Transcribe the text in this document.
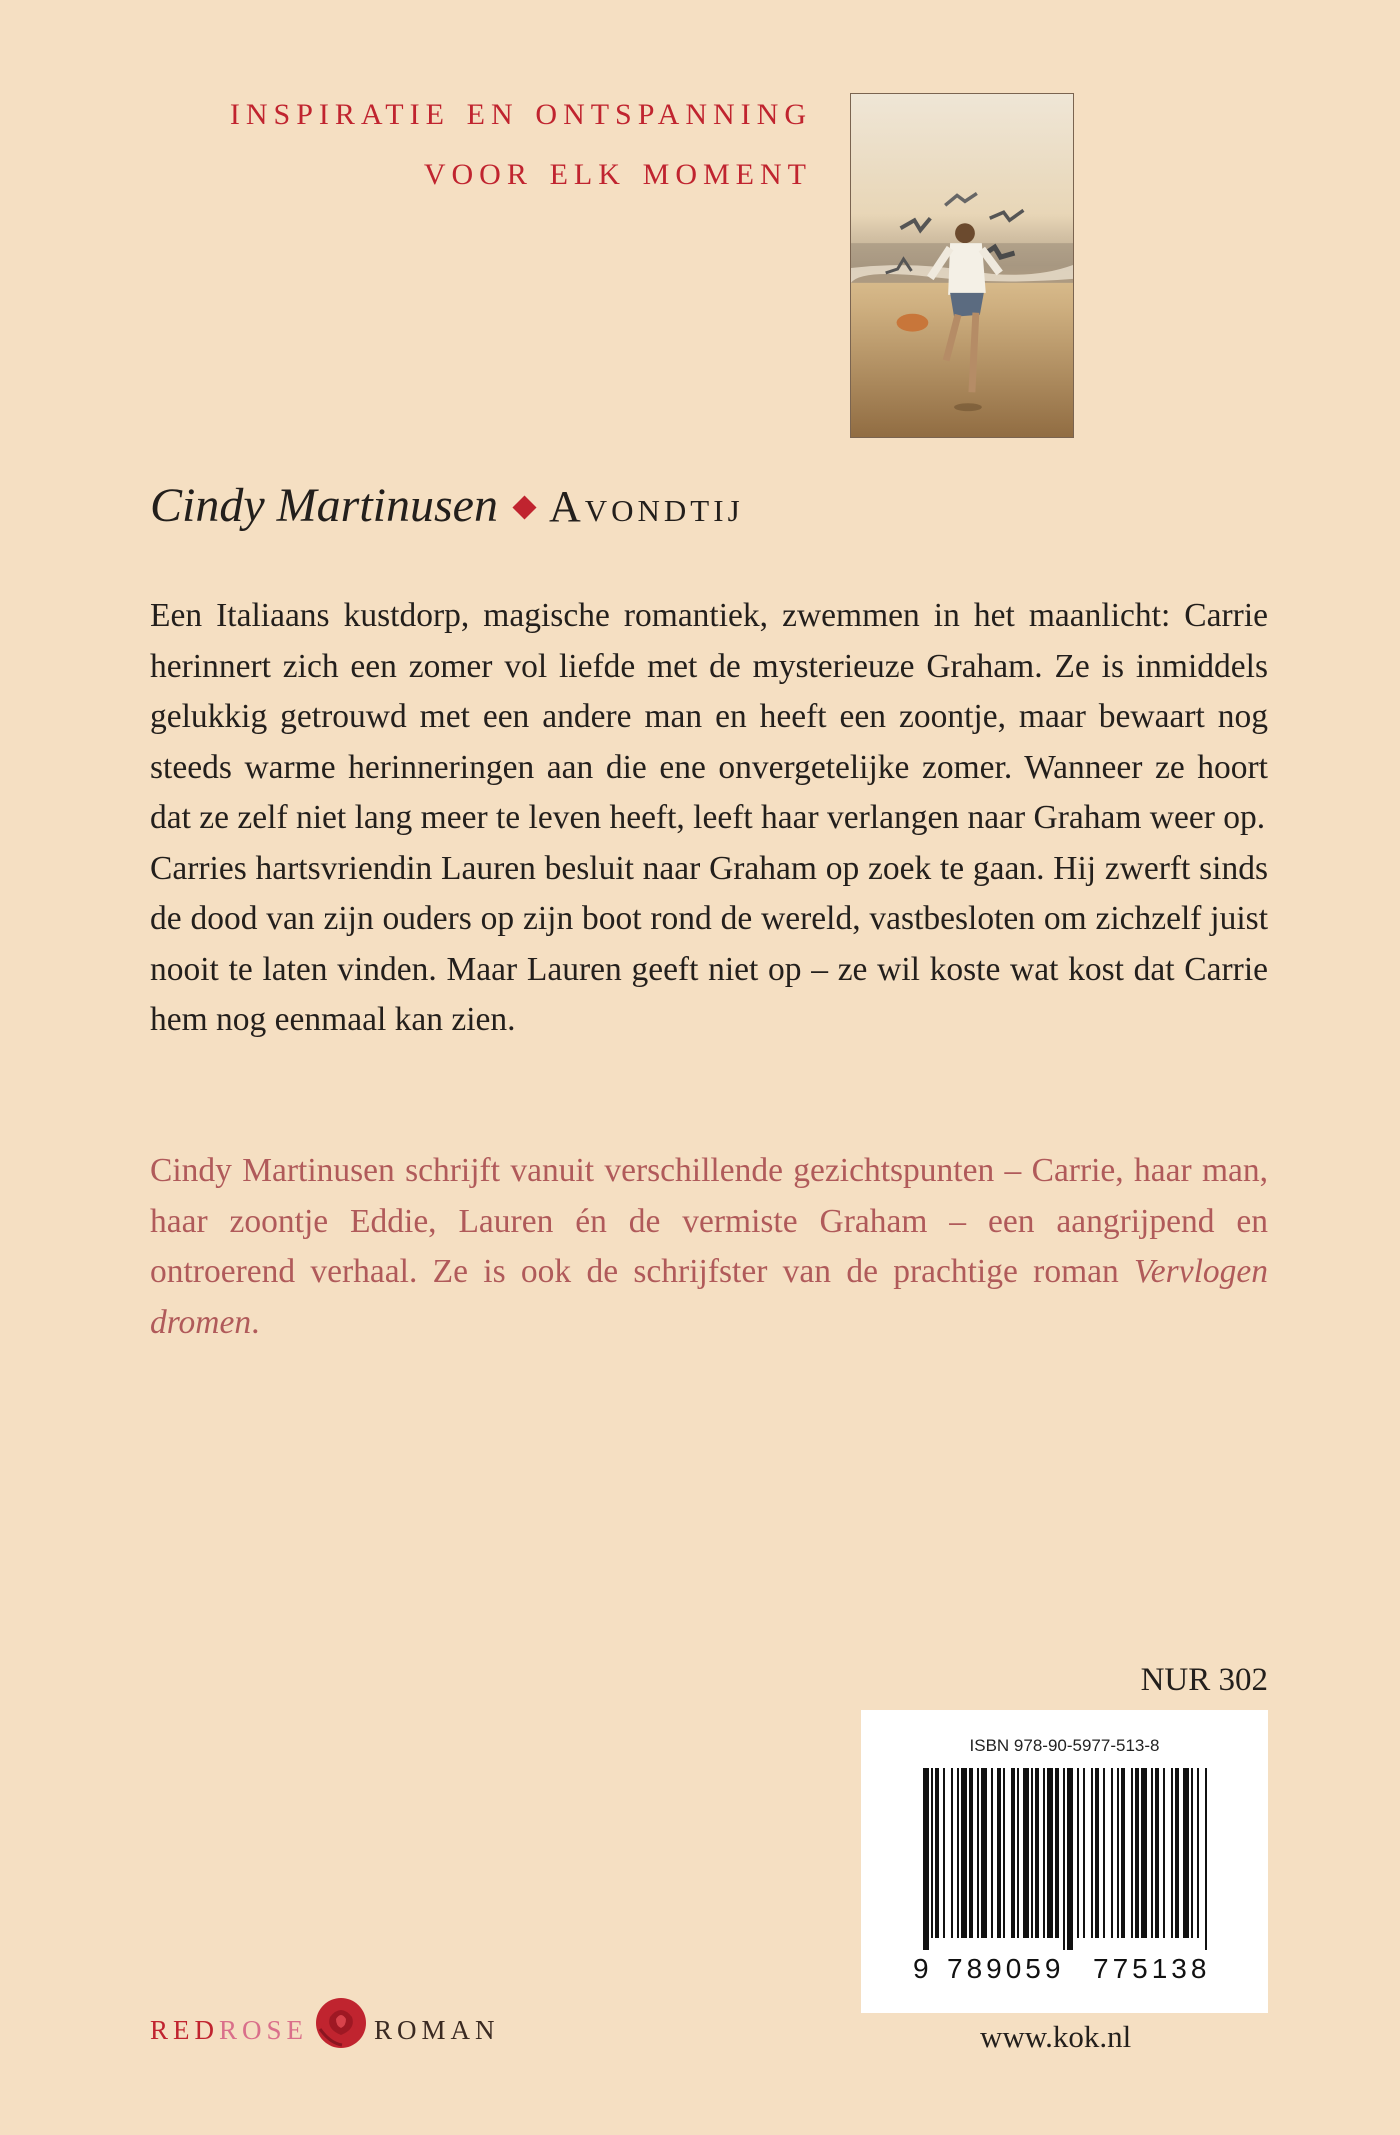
inspiratie en ontspanning
voor elk moment
Cindy Martinusen Avondtij

Een Italiaans kustdorp, magische romantiek, zwemmen in het maanlicht: Carrie herinnert zich een zomer vol liefde met de mysterieuze Graham. Ze is inmiddels gelukkig getrouwd met een andere man en heeft een zoontje, maar bewaart nog steeds warme herinneringen aan die ene onvergetelijke zomer. Wanneer ze hoort dat ze zelf niet lang meer te leven heeft, leeft haar verlangen naar Graham weer op.

Carries hartsvriendin Lauren besluit naar Graham op zoek te gaan. Hij zwerft sinds de dood van zijn ouders op zijn boot rond de wereld, vastbesloten om zichzelf juist nooit te laten vinden. Maar Lauren geeft niet op – ze wil koste wat kost dat Carrie hem nog eenmaal kan zien.

Cindy Martinusen schrijft vanuit verschillende gezichtspunten – Carrie, haar man, haar zoontje Eddie, Lauren én de vermiste Graham – een aangrijpend en ontroerend verhaal. Ze is ook de schrijfster van de prachtige roman Vervlogen dromen.

NUR 302
ISBN 978-90-5977-513-8
9 789059 775138
redrose roman	www.kok.nl
